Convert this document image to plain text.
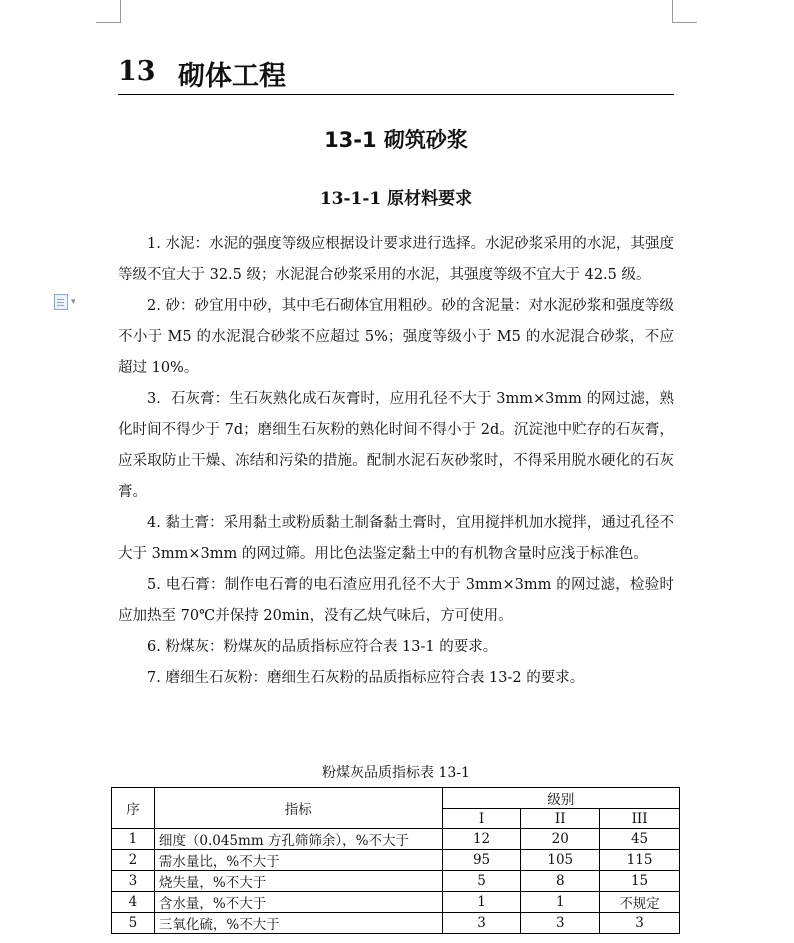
13 砌体工程
13-1 砌筑砂浆
13-1-1 原材料要求
▾

1. 水泥：水泥的强度等级应根据设计要求进行选择。水泥砂浆采用的水泥，其强度等级不宜大于 32.5 级；水泥混合砂浆采用的水泥，其强度等级不宜大于 42.5 级。

2. 砂：砂宜用中砂，其中毛石砌体宜用粗砂。砂的含泥量：对水泥砂浆和强度等级不小于 M5 的水泥混合砂浆不应超过 5%；强度等级小于 M5 的水泥混合砂浆，不应超过 10%。

3．石灰膏：生石灰熟化成石灰膏时，应用孔径不大于 3mm×3mm 的网过滤，熟化时间不得少于 7d；磨细生石灰粉的熟化时间不得小于 2d。沉淀池中贮存的石灰膏，应采取防止干燥、冻结和污染的措施。配制水泥石灰砂浆时，不得采用脱水硬化的石灰膏。

4. 黏土膏：采用黏土或粉质黏土制备黏土膏时，宜用搅拌机加水搅拌，通过孔径不大于 3mm×3mm 的网过筛。用比色法鉴定黏土中的有机物含量时应浅于标准色。

5. 电石膏：制作电石膏的电石渣应用孔径不大于 3mm×3mm 的网过滤，检验时应加热至 70℃并保持 20min，没有乙炔气味后，方可使用。

6. 粉煤灰：粉煤灰的品质指标应符合表 13-1 的要求。

7. 磨细生石灰粉：磨细生石灰粉的品质指标应符合表 13-2 的要求。

粉煤灰品质指标表 13-1
序	指标	级别		
		I	II	III
1	细度（0.045mm 方孔筛筛余），%不大于	12	20	45
2	需水量比，%不大于	95	105	115
3	烧失量，%不大于	5	8	15
4	含水量，%不大于	1	1	不规定
5	三氧化硫，%不大于	3	3	3
